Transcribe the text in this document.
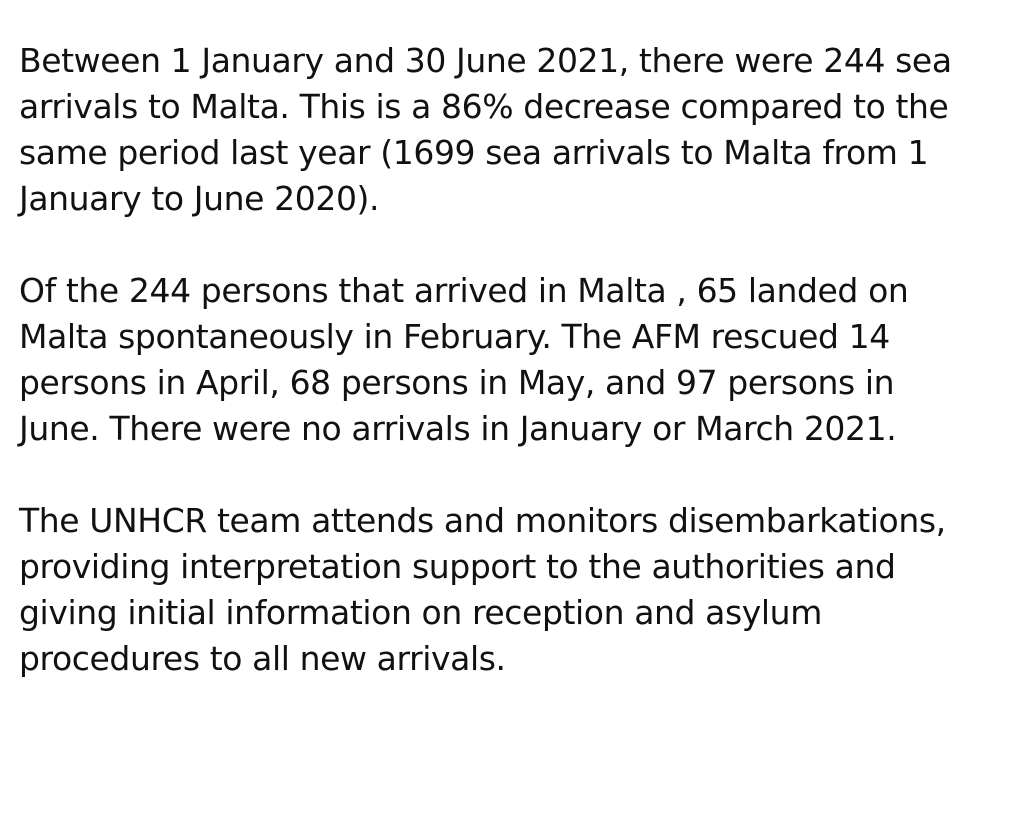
Between 1 January and 30 June 2021, there were 244 sea
arrivals to Malta. This is a 86% decrease compared to the
same period last year (1699 sea arrivals to Malta from 1
January to June 2020).

Of the 244 persons that arrived in Malta , 65 landed on
Malta spontaneously in February. The AFM rescued 14
persons in April, 68 persons in May, and 97 persons in
June. There were no arrivals in January or March 2021.

The UNHCR team attends and monitors disembarkations,
providing interpretation support to the authorities and
giving initial information on reception and asylum
procedures to all new arrivals.
